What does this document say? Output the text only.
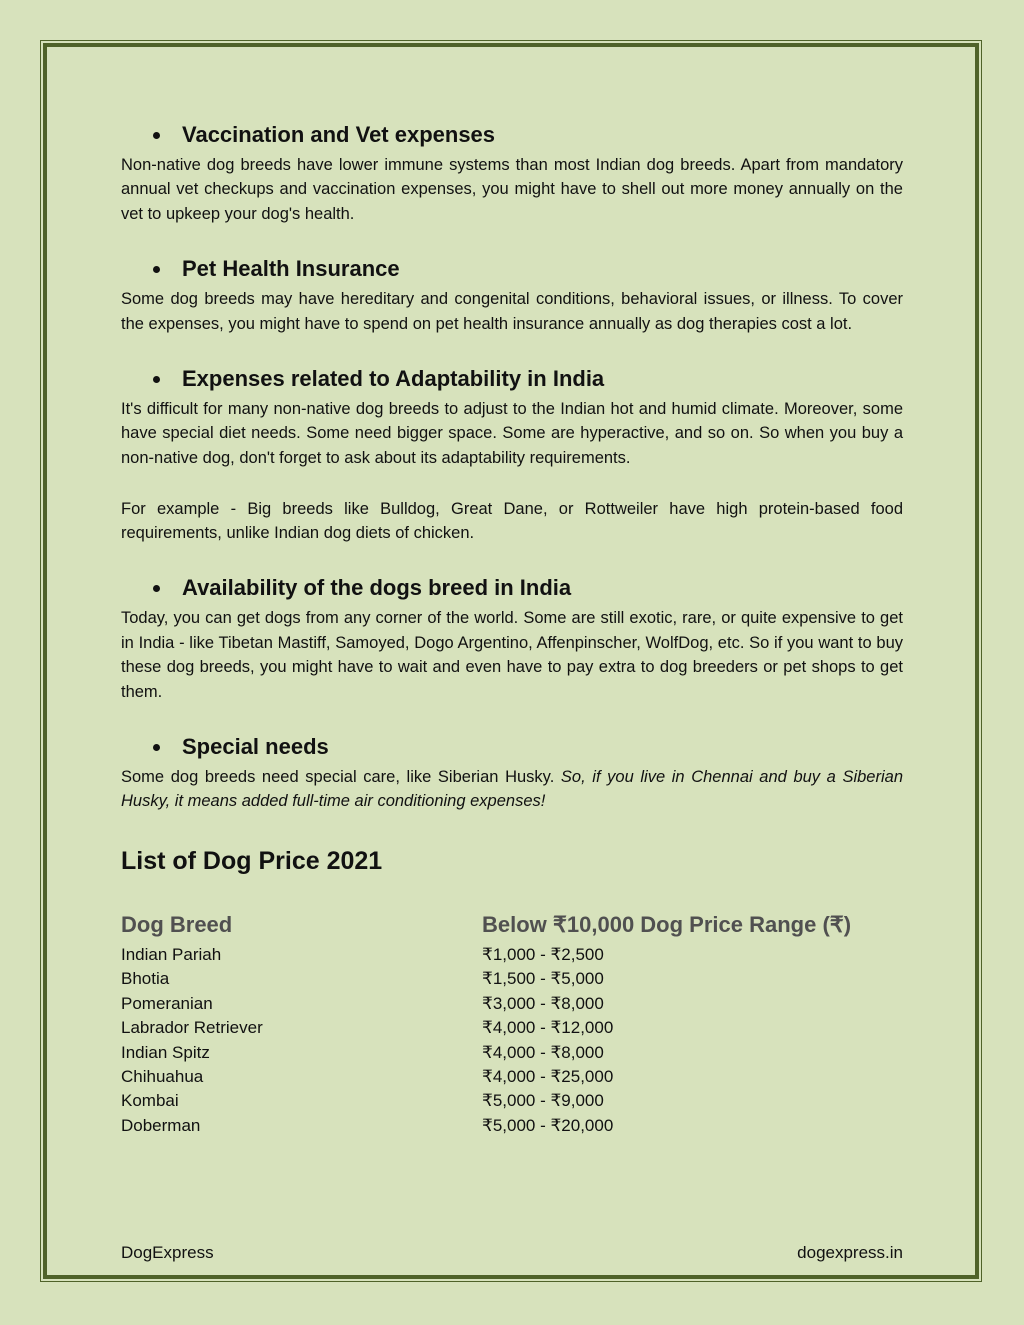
Vaccination and Vet expenses

Non-native dog breeds have lower immune systems than most Indian dog breeds. Apart from mandatory annual vet checkups and vaccination expenses, you might have to shell out more money annually on the vet to upkeep your dog's health.

Pet Health Insurance

Some dog breeds may have hereditary and congenital conditions, behavioral issues, or illness. To cover the expenses, you might have to spend on pet health insurance annually as dog therapies cost a lot.

Expenses related to Adaptability in India

It's difficult for many non-native dog breeds to adjust to the Indian hot and humid climate. Moreover, some have special diet needs. Some need bigger space. Some are hyperactive, and so on. So when you buy a non-native dog, don't forget to ask about its adaptability requirements.

For example - Big breeds like Bulldog, Great Dane, or Rottweiler have high protein-based food requirements, unlike Indian dog diets of chicken.

Availability of the dogs breed in India

Today, you can get dogs from any corner of the world. Some are still exotic, rare, or quite expensive to get in India - like Tibetan Mastiff, Samoyed, Dogo Argentino, Affenpinscher, WolfDog, etc. So if you want to buy these dog breeds, you might have to wait and even have to pay extra to dog breeders or pet shops to get them.

Special needs

Some dog breeds need special care, like Siberian Husky. So, if you live in Chennai and buy a Siberian Husky, it means added full-time air conditioning expenses!

List of Dog Price 2021
Dog Breed	Below ₹10,000 Dog Price Range (₹)
Indian Pariah	₹1,000 - ₹2,500
Bhotia	₹1,500 - ₹5,000
Pomeranian	₹3,000 - ₹8,000
Labrador Retriever	₹4,000 - ₹12,000
Indian Spitz	₹4,000 - ₹8,000
Chihuahua	₹4,000 - ₹25,000
Kombai	₹5,000 - ₹9,000
Doberman	₹5,000 - ₹20,000
DogExpress	dogexpress.in
